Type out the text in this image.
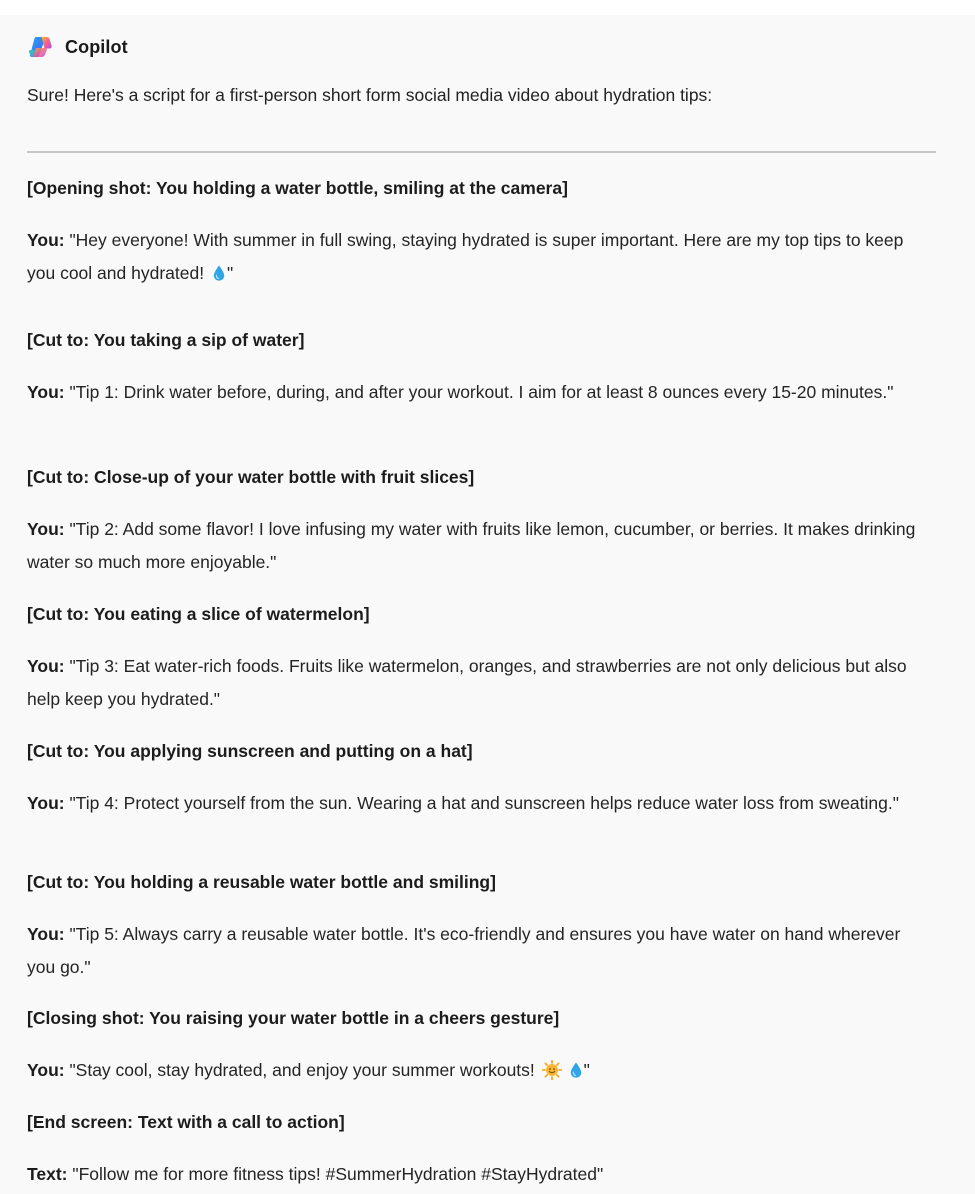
Copilot
Sure! Here's a script for a first-person short form social media video about hydration tips:
[Opening shot: You holding a water bottle, smiling at the camera]
You: "Hey everyone! With summer in full swing, staying hydrated is super important. Here are my top tips to keep you cool and hydrated! "
[Cut to: You taking a sip of water]
You: "Tip 1: Drink water before, during, and after your workout. I aim for at least 8 ounces every 15-20 minutes."
[Cut to: Close-up of your water bottle with fruit slices]
You: "Tip 2: Add some flavor! I love infusing my water with fruits like lemon, cucumber, or berries. It makes drinking water so much more enjoyable."
[Cut to: You eating a slice of watermelon]
You: "Tip 3: Eat water-rich foods. Fruits like watermelon, oranges, and strawberries are not only delicious but also help keep you hydrated."
[Cut to: You applying sunscreen and putting on a hat]
You: "Tip 4: Protect yourself from the sun. Wearing a hat and sunscreen helps reduce water loss from sweating."
[Cut to: You holding a reusable water bottle and smiling]
You: "Tip 5: Always carry a reusable water bottle. It's eco-friendly and ensures you have water on hand wherever you go."
[Closing shot: You raising your water bottle in a cheers gesture]
You: "Stay cool, stay hydrated, and enjoy your summer workouts!	"
[End screen: Text with a call to action]
Text: "Follow me for more fitness tips! #SummerHydration #StayHydrated"
